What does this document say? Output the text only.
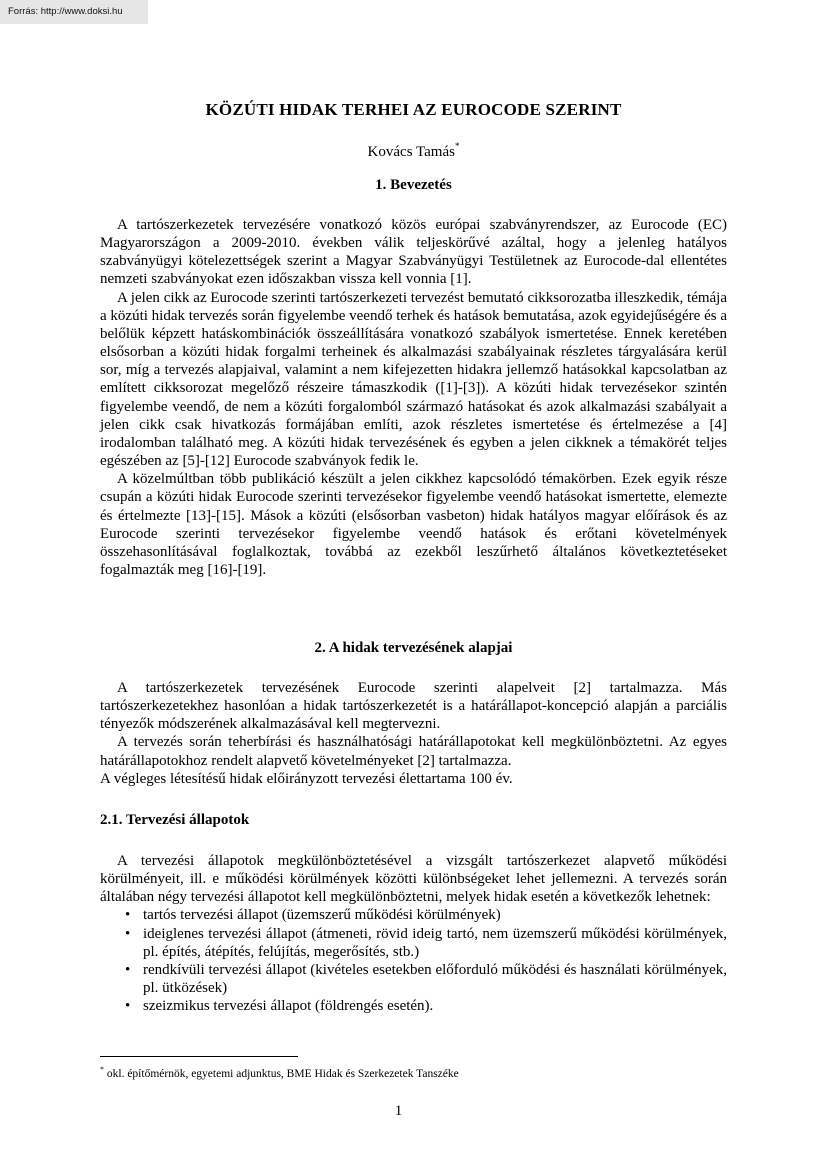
Forrás: http://www.doksi.hu
KÖZÚTI HIDAK TERHEI AZ EUROCODE SZERINT
Kovács Tamás*
1. Bevezetés

A tartószerkezetek tervezésére vonatkozó közös európai szabványrendszer, az Eurocode (EC) Magyarországon a 2009-2010. években válik teljeskörűvé azáltal, hogy a jelenleg hatályos szabványügyi kötelezettségek szerint a Magyar Szabványügyi Testületnek az Eurocode-dal ellentétes nemzeti szabványokat ezen időszakban vissza kell vonnia [1].

A jelen cikk az Eurocode szerinti tartószerkezeti tervezést bemutató cikksorozatba illeszkedik, témája a közúti hidak tervezés során figyelembe veendő terhek és hatások bemutatása, azok egyidejűségére és a belőlük képzett hatáskombinációk összeállítására vonatkozó szabályok ismertetése. Ennek keretében elsősorban a közúti hidak forgalmi terheinek és alkalmazási szabályainak részletes tárgyalására kerül sor, míg a tervezés alapjaival, valamint a nem kifejezetten hidakra jellemző hatásokkal kapcsolatban az említett cikksorozat megelőző részeire támaszkodik ([1]-[3]). A közúti hidak tervezésekor szintén figyelembe veendő, de nem a közúti forgalomból származó hatásokat és azok alkalmazási szabályait a jelen cikk csak hivatkozás formájában említi, azok részletes ismertetése és értelmezése a [4] irodalomban található meg. A közúti hidak tervezésének és egyben a jelen cikknek a témakörét teljes egészében az [5]-[12] Eurocode szabványok fedik le.

A közelmúltban több publikáció készült a jelen cikkhez kapcsolódó témakörben. Ezek egyik része csupán a közúti hidak Eurocode szerinti tervezésekor figyelembe veendő hatásokat ismertette, elemezte és értelmezte [13]-[15]. Mások a közúti (elsősorban vasbeton) hidak hatályos magyar előírások és az Eurocode szerinti tervezésekor figyelembe veendő hatások és erőtani követelmények összehasonlításával foglalkoztak, továbbá az ezekből leszűrhető általános következtetéseket fogalmazták meg [16]-[19].

2. A hidak tervezésének alapjai

A tartószerkezetek tervezésének Eurocode szerinti alapelveit [2] tartalmazza. Más tartószerkezetekhez hasonlóan a hidak tartószerkezetét is a határállapot-koncepció alapján a parciális tényezők módszerének alkalmazásával kell megtervezni.

A tervezés során teherbírási és használhatósági határállapotokat kell megkülönböztetni. Az egyes határállapotokhoz rendelt alapvető követelményeket [2] tartalmazza.

A végleges létesítésű hidak előirányzott tervezési élettartama 100 év.

2.1. Tervezési állapotok

A tervezési állapotok megkülönböztetésével a vizsgált tartószerkezet alapvető működési körülményeit, ill. e működési körülmények közötti különbségeket lehet jellemezni. A tervezés során általában négy tervezési állapotot kell megkülönböztetni, melyek hidak esetén a következők lehetnek:

• tartós tervezési állapot (üzemszerű működési körülmények)
• ideiglenes tervezési állapot (átmeneti, rövid ideig tartó, nem üzemszerű működési körülmények, pl. építés, átépítés, felújítás, megerősítés, stb.)
• rendkívüli tervezési állapot (kivételes esetekben előforduló működési és használati körülmények, pl. ütközések)
• szeizmikus tervezési állapot (földrengés esetén).
* okl. építőmérnök, egyetemi adjunktus, BME Hidak és Szerkezetek Tanszéke
1
